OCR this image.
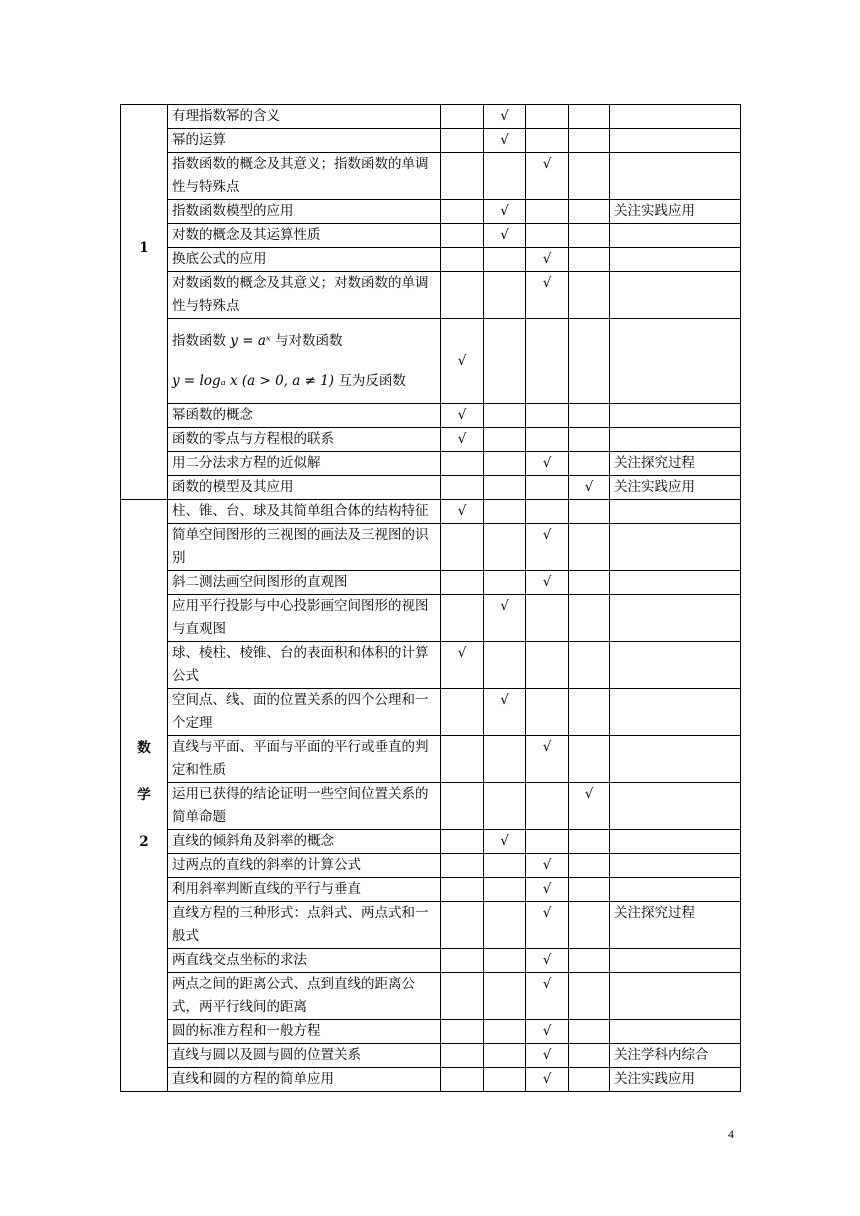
1	有理指数幂的含义		√			
	幂的运算		√			
	指数函数的概念及其意义；指数函数的单调性与特殊点			√		
	指数函数模型的应用		√			关注实践应用
	对数的概念及其运算性质		√			
	换底公式的应用			√		
	对数函数的概念及其意义；对数函数的单调性与特殊点			√		

	指数函数 y = aˣ 与对数函数
y = logₐ x (a > 0, a ≠ 1) 互为反函数	√				
	幂函数的概念	√				
	函数的零点与方程根的联系	√				
	用二分法求方程的近似解			√		关注探究过程
	函数的模型及其应用				√	关注实践应用

数
学
2	柱、锥、台、球及其简单组合体的结构特征	√				
	简单空间图形的三视图的画法及三视图的识别			√		
	斜二测法画空间图形的直观图			√		
	应用平行投影与中心投影画空间图形的视图与直观图		√			
	球、棱柱、棱锥、台的表面积和体积的计算公式	√				
	空间点、线、面的位置关系的四个公理和一个定理		√			
	直线与平面、平面与平面的平行或垂直的判定和性质			√		
	运用已获得的结论证明一些空间位置关系的简单命题				√	
	直线的倾斜角及斜率的概念		√			
	过两点的直线的斜率的计算公式			√		
	利用斜率判断直线的平行与垂直			√		
	直线方程的三种形式：点斜式、两点式和一般式			√		关注探究过程
	两直线交点坐标的求法			√		
	两点之间的距离公式、点到直线的距离公式，两平行线间的距离			√		
	圆的标准方程和一般方程			√		
	直线与圆以及圆与圆的位置关系			√		关注学科内综合
	直线和圆的方程的简单应用			√		关注实践应用
4
